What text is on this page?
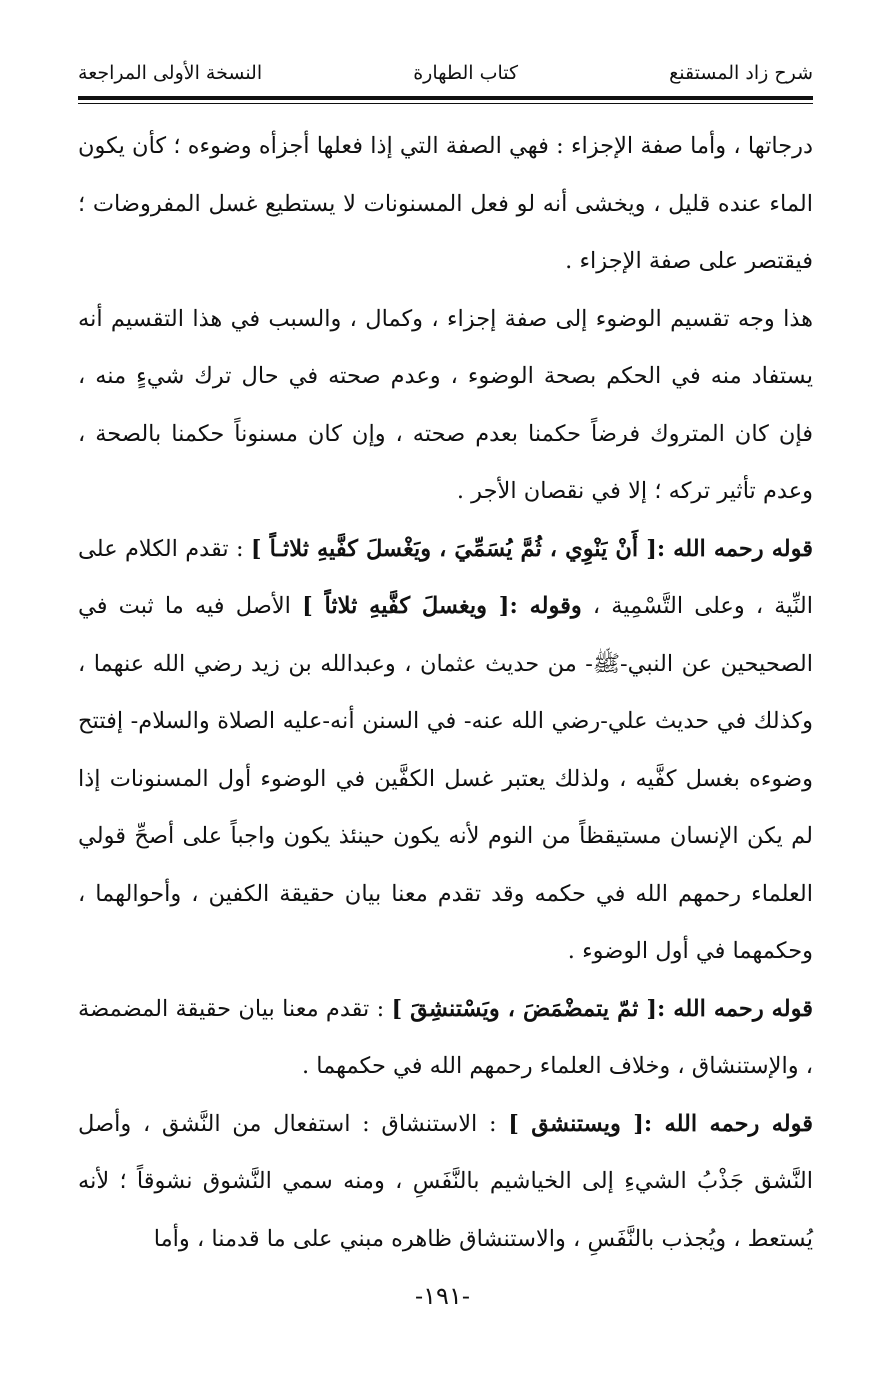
شرح زاد المستقنع
كتاب الطهارة
النسخة الأولى المراجعة

درجاتها ، وأما صفة الإجزاء : فهي الصفة التي إذا فعلها أجزأه وضوءه ؛ كأن يكون الماء عنده قليل ، ويخشى أنه لو فعل المسنونات لا يستطيع غسل المفروضات ؛ فيقتصر على صفة الإجزاء .

هذا وجه تقسيم الوضوء إلى صفة إجزاء ، وكمال ، والسبب في هذا التقسيم أنه يستفاد منه في الحكم بصحة الوضوء ، وعدم صحته في حال ترك شيءٍ منه ، فإن كان المتروك فرضاً حكمنا بعدم صحته ، وإن كان مسنوناً حكمنا بالصحة ، وعدم تأثير تركه ؛ إلا في نقصان الأجر .

قوله رحمه الله :[ أَنْ يَنْوِي ، ثُمَّ يُسَمِّيَ ، ويَغْسلَ كفَّيهِ ثلاثـاً ] : تقدم الكلام على النِّية ، وعلى التَّسْمِية ، وقوله :[ ويغسلَ كفَّيهِ ثلاثاً ] الأصل فيه ما ثبت في الصحيحين عن النبي-ﷺ- من حديث عثمان ، وعبدالله بن زيد رضي الله عنهما ، وكذلك في حديث علي-رضي الله عنه- في السنن أنه-عليه الصلاة والسلام- إفتتح وضوءه بغسل كفَّيه ، ولذلك يعتبر غسل الكفَّين في الوضوء أول المسنونات إذا لم يكن الإنسان مستيقظاً من النوم لأنه يكون حينئذ يكون واجباً على أصحِّ قولي العلماء رحمهم الله في حكمه وقد تقدم معنا بيان حقيقة الكفين ، وأحوالهما ، وحكمهما في أول الوضوء .

قوله رحمه الله :[ ثمّ يتمضْمَضَ ، ويَسْتنشِقَ ] : تقدم معنا بيان حقيقة المضمضة ، والإستنشاق ، وخلاف العلماء رحمهم الله في حكمهما .

قوله رحمه الله :[ ويستنشق ] : الاستنشاق : استفعال من النَّشق ، وأصل النَّشق جَذْبُ الشيءِ إلى الخياشيم بالنَّفَسِ ، ومنه سمي النَّشوق نشوقاً ؛ لأنه يُستعط ، ويُجذب بالنَّفَسِ ، والاستنشاق ظاهره مبني على ما قدمنا ، وأما

-١٩١-
